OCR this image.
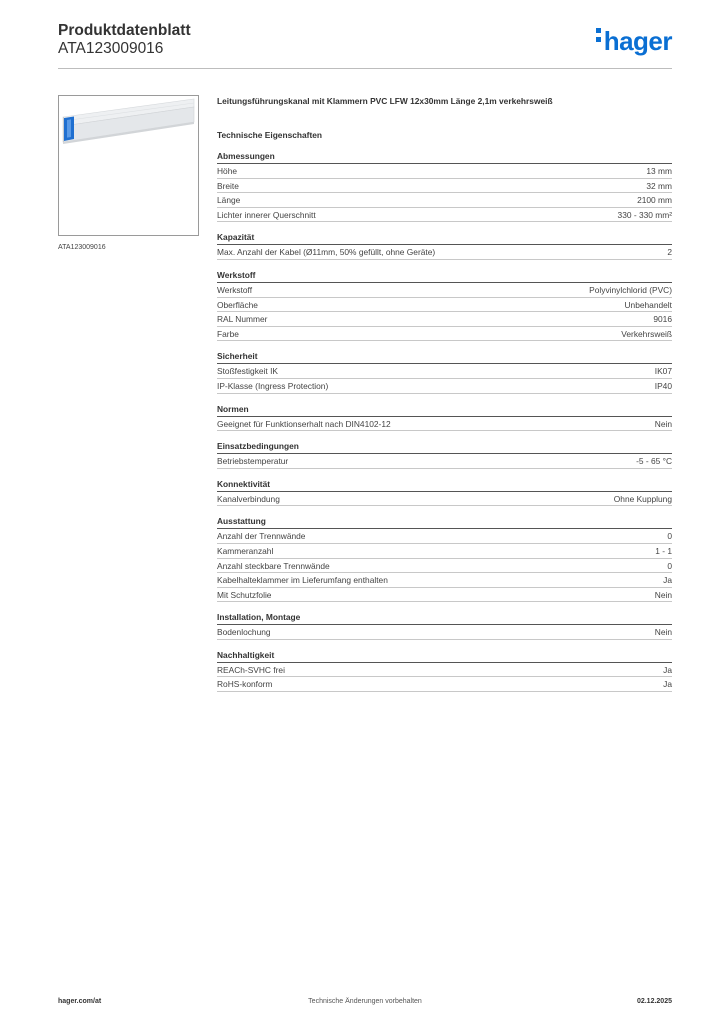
Produktdatenblatt
ATA123009016	hager
ATA123009016
Leitungsführungskanal mit Klammern PVC LFW 12x30mm Länge 2,1m verkehrsweiß
Technische Eigenschaften
Abmessungen
Höhe	13 mm
Breite	32 mm
Länge	2100 mm
Lichter innerer Querschnitt	330 - 330 mm²
Kapazität
Max. Anzahl der Kabel (Ø11mm, 50% gefüllt, ohne Geräte)	2
Werkstoff
Werkstoff	Polyvinylchlorid (PVC)
Oberfläche	Unbehandelt
RAL Nummer	9016
Farbe	Verkehrsweiß
Sicherheit
Stoßfestigkeit IK	IK07
IP-Klasse (Ingress Protection)	IP40
Normen
Geeignet für Funktionserhalt nach DIN4102-12	Nein
Einsatzbedingungen
Betriebstemperatur	-5 - 65 °C
Konnektivität
Kanalverbindung	Ohne Kupplung
Ausstattung
Anzahl der Trennwände	0
Kammeranzahl	1 - 1
Anzahl steckbare Trennwände	0
Kabelhalteklammer im Lieferumfang enthalten	Ja
Mit Schutzfolie	Nein
Installation, Montage
Bodenlochung	Nein
Nachhaltigkeit
REACh-SVHC frei	Ja
RoHS-konform	Ja
hager.com/at	Technische Änderungen vorbehalten	02.12.2025
